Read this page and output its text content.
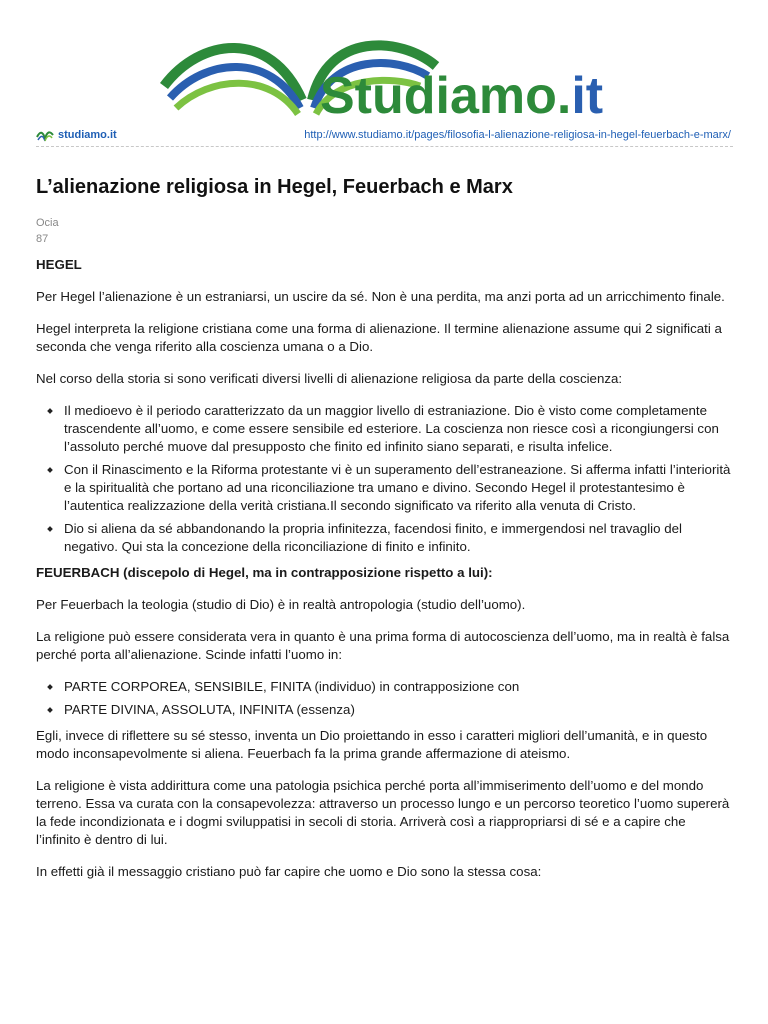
Studiamo.it
studiamo.it	http://www.studiamo.it/pages/filosofia-l-alienazione-religiosa-in-hegel-feuerbach-e-marx/
L’alienazione religiosa in Hegel, Feuerbach e Marx
Ocia
87
HEGEL

Per Hegel l’alienazione è un estraniarsi, un uscire da sé. Non è una perdita, ma anzi porta ad un arricchimento finale.

Hegel interpreta la religione cristiana come una forma di alienazione. Il termine alienazione assume qui 2 significati a seconda che venga riferito alla coscienza umana o a Dio.

Nel corso della storia si sono verificati diversi livelli di alienazione religiosa da parte della coscienza:

Il medioevo è il periodo caratterizzato da un maggior livello di estraniazione. Dio è visto come completamente trascendente all’uomo, e come essere sensibile ed esteriore. La coscienza non riesce così a ricongiungersi con l’assoluto perché muove dal presupposto che finito ed infinito siano separati, e risulta infelice.
Con il Rinascimento e la Riforma protestante vi è un superamento dell’estraneazione. Si afferma infatti l’interiorità e la spiritualità che portano ad una riconciliazione tra umano e divino. Secondo Hegel il protestantesimo è l’autentica realizzazione della verità cristiana.Il secondo significato va riferito alla venuta di Cristo.
Dio si aliena da sé abbandonando la propria infinitezza, facendosi finito, e immergendosi nel travaglio del negativo. Qui sta la concezione della riconciliazione di finito e infinito.
FEUERBACH (discepolo di Hegel, ma in contrapposizione rispetto a lui):

Per Feuerbach la teologia (studio di Dio) è in realtà antropologia (studio dell’uomo).

La religione può essere considerata vera in quanto è una prima forma di autocoscienza dell’uomo, ma in realtà è falsa perché porta all’alienazione. Scinde infatti l’uomo in:

PARTE CORPOREA, SENSIBILE, FINITA (individuo) in contrapposizione con
PARTE DIVINA, ASSOLUTA, INFINITA (essenza)

Egli, invece di riflettere su sé stesso, inventa un Dio proiettando in esso i caratteri migliori dell’umanità, e in questo modo inconsapevolmente si aliena. Feuerbach fa la prima grande affermazione di ateismo.

La religione è vista addirittura come una patologia psichica perché porta all’immiserimento dell’uomo e del mondo terreno. Essa va curata con la consapevolezza: attraverso un processo lungo e un percorso teoretico l’uomo supererà la fede incondizionata e i dogmi sviluppatisi in secoli di storia. Arriverà così a riappropriarsi di sé e a capire che l’infinito è dentro di lui.

In effetti già il messaggio cristiano può far capire che uomo e Dio sono la stessa cosa:
